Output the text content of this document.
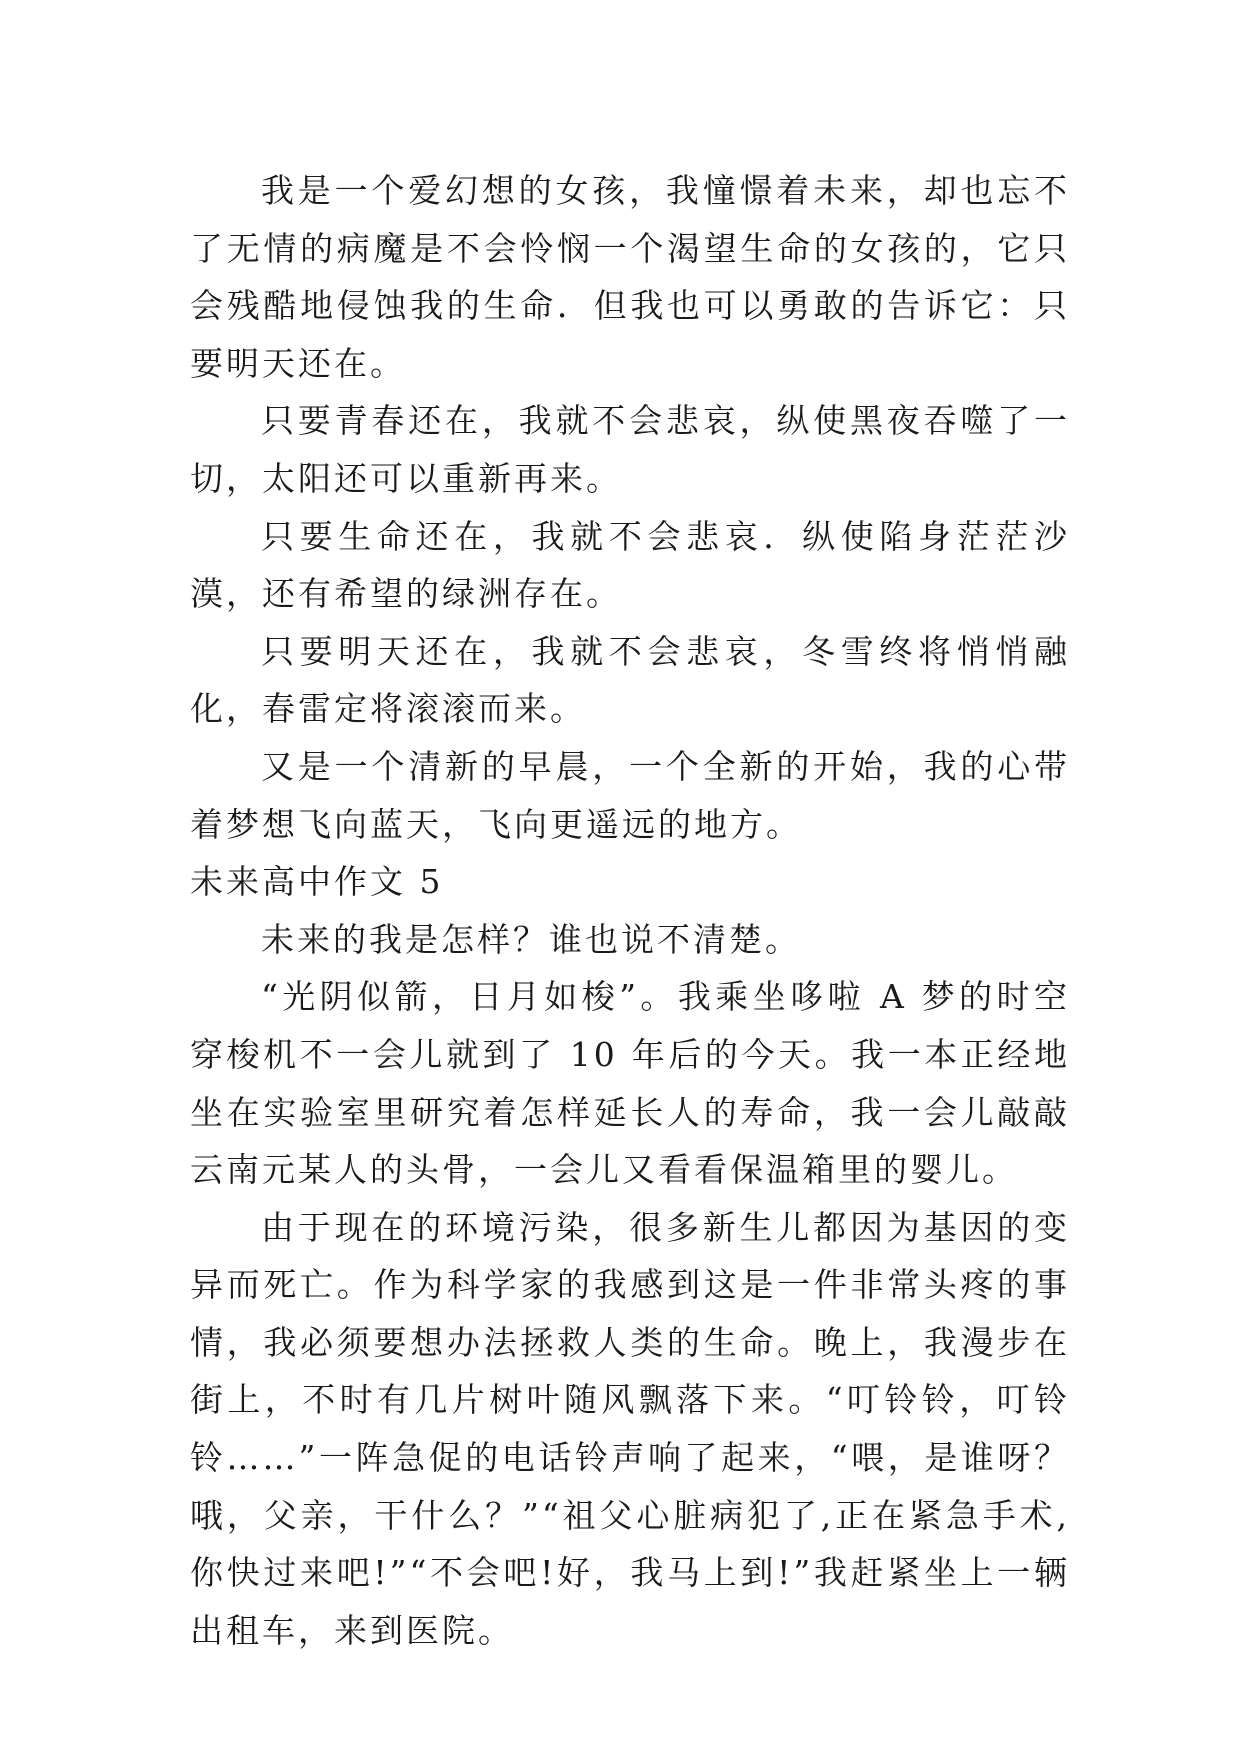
我是一个爱幻想的女孩，我憧憬着未来，却也忘不了无情的病魔是不会怜悯一个渴望生命的女孩的，它只会残酷地侵蚀我的生命．但我也可以勇敢的告诉它：只要明天还在。

只要青春还在，我就不会悲哀，纵使黑夜吞噬了一切，太阳还可以重新再来。

只要生命还在，我就不会悲哀．纵使陷身茫茫沙漠，还有希望的绿洲存在。

只要明天还在，我就不会悲哀，冬雪终将悄悄融化，春雷定将滚滚而来。

又是一个清新的早晨，一个全新的开始，我的心带着梦想飞向蓝天，飞向更遥远的地方。

未来高中作文 5

未来的我是怎样？谁也说不清楚。

“光阴似箭，日月如梭”。我乘坐哆啦 A 梦的时空穿梭机不一会儿就到了 10 年后的今天。我一本正经地坐在实验室里研究着怎样延长人的寿命，我一会儿敲敲云南元某人的头骨，一会儿又看看保温箱里的婴儿。

由于现在的环境污染，很多新生儿都因为基因的变异而死亡。作为科学家的我感到这是一件非常头疼的事情，我必须要想办法拯救人类的生命。晚上，我漫步在街上，不时有几片树叶随风飘落下来。“叮铃铃，叮铃铃……”一阵急促的电话铃声响了起来，“喂，是谁呀？哦，父亲，干什么？”“祖父心脏病犯了,正在紧急手术,你快过来吧!”“不会吧!好，我马上到!”我赶紧坐上一辆出租车，来到医院。
